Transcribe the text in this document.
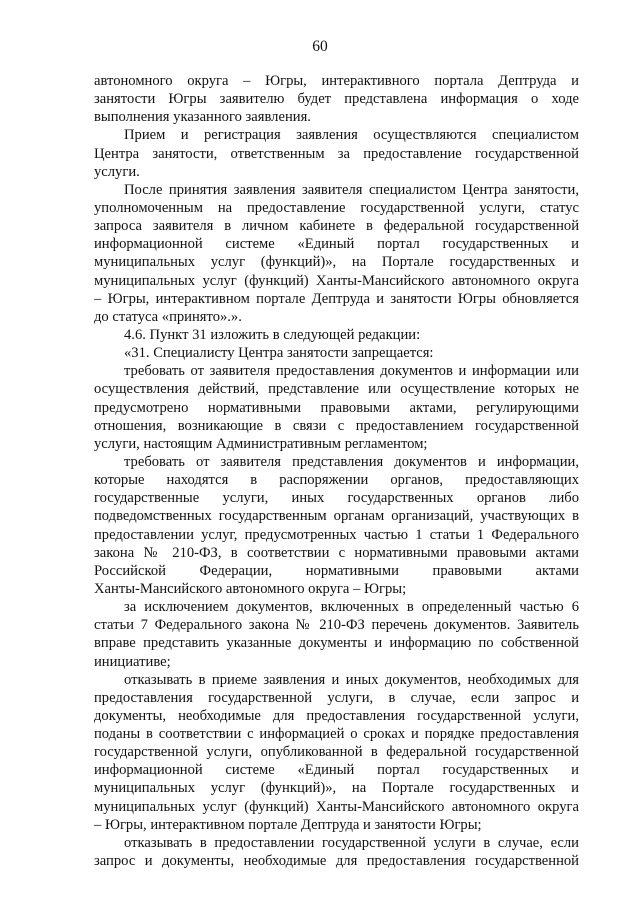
60
автономного округа – Югры, интерактивного портала Дептруда и
занятости Югры заявителю будет представлена информация о ходе
выполнения указанного заявления.
Прием и регистрация заявления осуществляются специалистом
Центра занятости, ответственным за предоставление государственной
услуги.
После принятия заявления заявителя специалистом Центра занятости,
уполномоченным на предоставление государственной услуги, статус
запроса заявителя в личном кабинете в федеральной государственной
информационной системе «Единый портал государственных и
муниципальных услуг (функций)», на Портале государственных и
муниципальных услуг (функций) Ханты-Мансийского автономного округа
– Югры, интерактивном портале Дептруда и занятости Югры обновляется
до статуса «принято».».
4.6. Пункт 31 изложить в следующей редакции:
«31. Специалисту Центра занятости запрещается:
требовать от заявителя предоставления документов и информации или
осуществления действий, представление или осуществление которых не
предусмотрено нормативными правовыми актами, регулирующими
отношения, возникающие в связи с предоставлением государственной
услуги, настоящим Административным регламентом;
требовать от заявителя представления документов и информации,
которые находятся в распоряжении органов, предоставляющих
государственные услуги, иных государственных органов либо
подведомственных государственным органам организаций, участвующих в
предоставлении услуг, предусмотренных частью 1 статьи 1 Федерального
закона № 210-ФЗ, в соответствии с нормативными правовыми актами
Российской Федерации, нормативными правовыми актами
Ханты-Мансийского автономного округа – Югры;
за исключением документов, включенных в определенный частью 6
статьи 7 Федерального закона № 210-ФЗ перечень документов. Заявитель
вправе представить указанные документы и информацию по собственной
инициативе;
отказывать в приеме заявления и иных документов, необходимых для
предоставления государственной услуги, в случае, если запрос и
документы, необходимые для предоставления государственной услуги,
поданы в соответствии с информацией о сроках и порядке предоставления
государственной услуги, опубликованной в федеральной государственной
информационной системе «Единый портал государственных и
муниципальных услуг (функций)», на Портале государственных и
муниципальных услуг (функций) Ханты-Мансийского автономного округа
– Югры, интерактивном портале Дептруда и занятости Югры;
отказывать в предоставлении государственной услуги в случае, если
запрос и документы, необходимые для предоставления государственной
